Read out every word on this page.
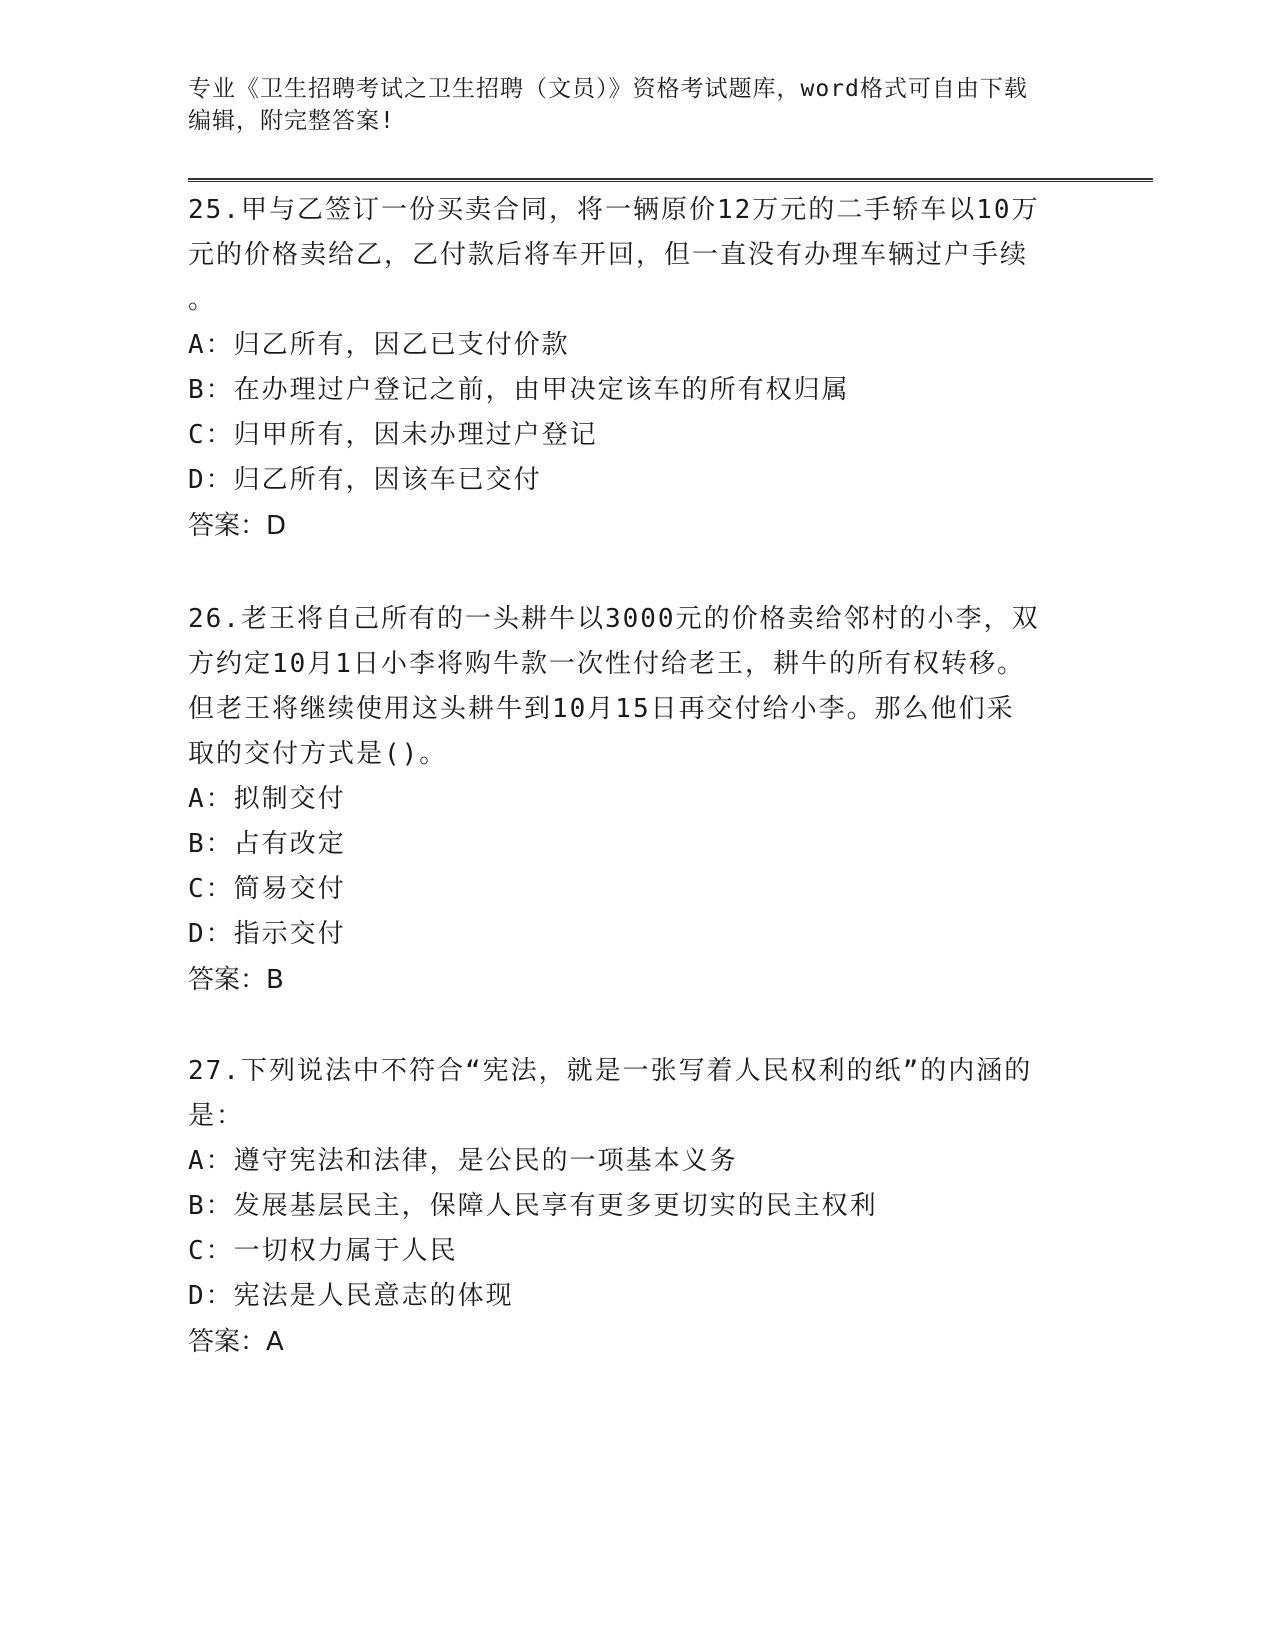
专业《卫生招聘考试之卫生招聘（文员）》资格考试题库，word格式可自由下载
编辑，附完整答案!

25.甲与乙签订一份买卖合同，将一辆原价12万元的二手轿车以10万

元的价格卖给乙，乙付款后将车开回，但一直没有办理车辆过户手续

。

A：归乙所有，因乙已支付价款

B：在办理过户登记之前，由甲决定该车的所有权归属

C：归甲所有，因未办理过户登记

D：归乙所有，因该车已交付

答案：D

26.老王将自己所有的一头耕牛以3000元的价格卖给邻村的小李，双

方约定10月1日小李将购牛款一次性付给老王，耕牛的所有权转移。

但老王将继续使用这头耕牛到10月15日再交付给小李。那么他们采

取的交付方式是()。

A：拟制交付

B：占有改定

C：简易交付

D：指示交付

答案：B

27.下列说法中不符合“宪法，就是一张写着人民权利的纸”的内涵的

是：

A：遵守宪法和法律，是公民的一项基本义务

B：发展基层民主，保障人民享有更多更切实的民主权利

C：一切权力属于人民

D：宪法是人民意志的体现

答案：A
